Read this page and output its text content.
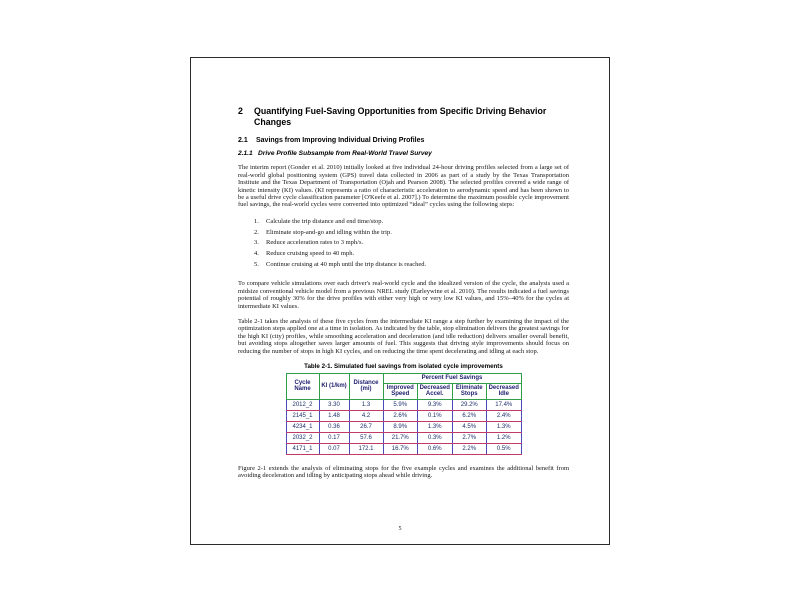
2	Quantifying Fuel-Saving Opportunities from Specific Driving Behavior Changes
2.1	Savings from Improving Individual Driving Profiles
2.1.1 Drive Profile Subsample from Real-World Travel Survey

The interim report (Gonder et al. 2010) initially looked at five individual 24-hour driving profiles selected from a large set of real-world global positioning system (GPS) travel data collected in 2006 as part of a study by the Texas Transportation Institute and the Texas Department of Transportation (Ojah and Pearson 2008). The selected profiles covered a wide range of kinetic intensity (KI) values. (KI represents a ratio of characteristic acceleration to aerodynamic speed and has been shown to be a useful drive cycle classification parameter [O'Keefe et al. 2007].) To determine the maximum possible cycle improvement fuel savings, the real-world cycles were converted into optimized “ideal” cycles using the following steps:

1.	Calculate the trip distance and end time/stop.
2.	Eliminate stop-and-go and idling within the trip.
3.	Reduce acceleration rates to 3 mph/s.
4.	Reduce cruising speed to 40 mph.
5.	Continue cruising at 40 mph until the trip distance is reached.

To compare vehicle simulations over each driver's real-world cycle and the idealized version of the cycle, the analysis used a midsize conventional vehicle model from a previous NREL study (Earleywine et al. 2010). The results indicated a fuel savings potential of roughly 30% for the drive profiles with either very high or very low KI values, and 15%–40% for the cycles at intermediate KI values.

Table 2-1 takes the analysis of these five cycles from the intermediate KI range a step further by examining the impact of the optimization steps applied one at a time in isolation. As indicated by the table, stop elimination delivers the greatest savings for the high KI (city) profiles, while smoothing acceleration and deceleration (and idle reduction) delivers smaller overall benefit, but avoiding stops altogether saves larger amounts of fuel. This suggests that driving style improvements should focus on reducing the number of stops in high KI cycles, and on reducing the time spent decelerating and idling at each stop.

Table 2-1. Simulated fuel savings from isolated cycle improvements
Cycle Name	KI (1/km)	Distance (mi)	Percent Fuel Savings			
			Improved Speed	Decreased Accel.	Eliminate Stops	Decreased Idle
2012_2	3.30	1.3	5.9%	9.3%	29.2%	17.4%
2145_1	1.48	4.2	2.6%	0.1%	6.2%	2.4%
4234_1	0.36	26.7	8.9%	1.3%	4.5%	1.3%
2032_2	0.17	57.6	21.7%	0.3%	2.7%	1.2%
4171_1	0.07	172.1	16.7%	0.6%	2.2%	0.5%

Figure 2-1 extends the analysis of eliminating stops for the five example cycles and examines the additional benefit from avoiding deceleration and idling by anticipating stops ahead while driving.

5
